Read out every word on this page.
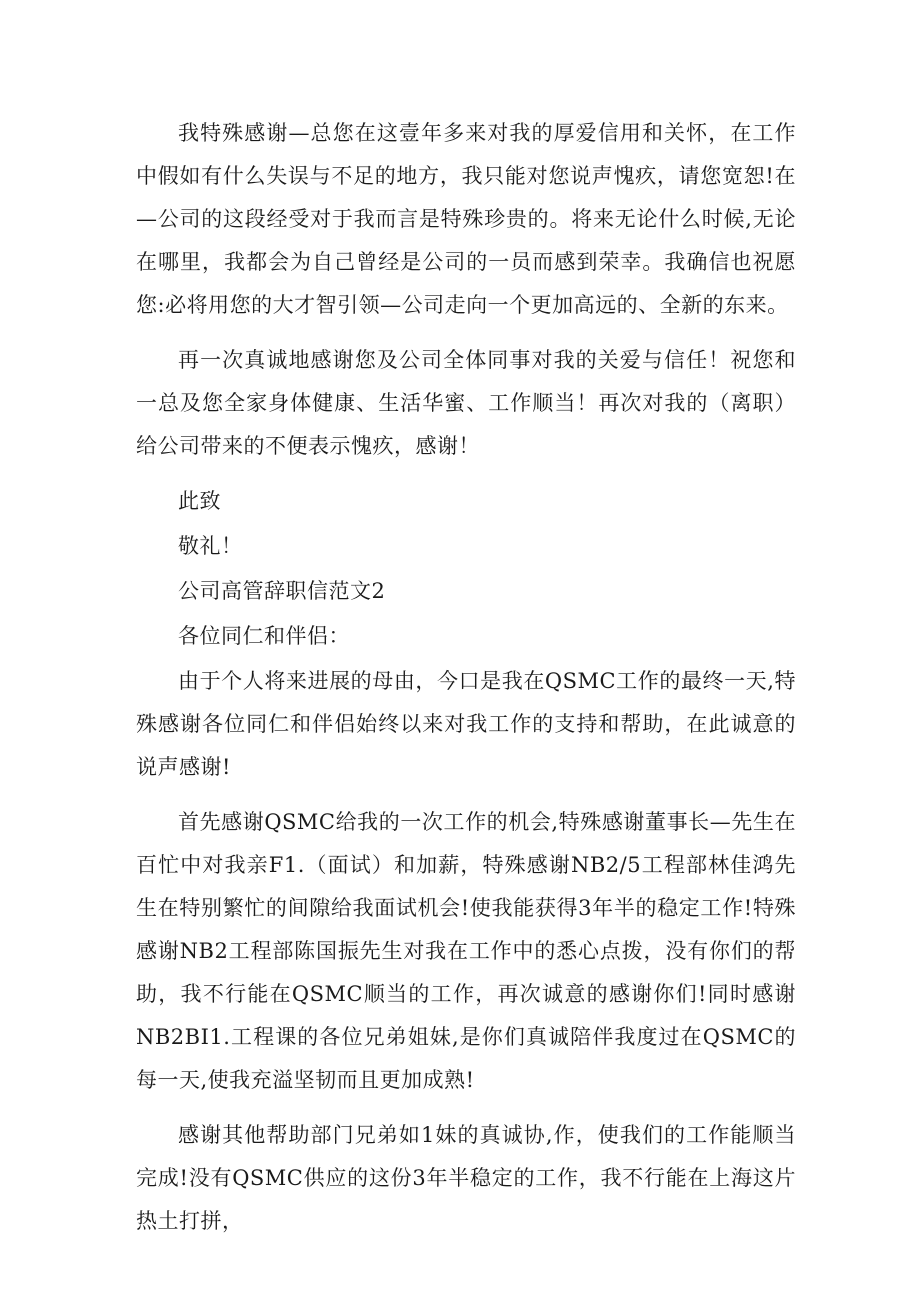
我特殊感谢—总您在这壹年多来对我的厚爱信用和关怀，在工作中假如有什么失误与不足的地方，我只能对您说声愧疚，请您宽恕!在—公司的这段经受对于我而言是特殊珍贵的。将来无论什么时候,无论在哪里，我都会为自己曾经是公司的一员而感到荣幸。我确信也祝愿您:必将用您的大才智引领—公司走向一个更加高远的、全新的东来。

再一次真诚地感谢您及公司全体同事对我的关爱与信任！祝您和一总及您全家身体健康、生活华蜜、工作顺当！再次对我的（离职）给公司带来的不便表示愧疚，感谢！

此致

敬礼！

公司高管辞职信范文2

各位同仁和伴侣：

由于个人将来进展的母由，今口是我在QSMC工作的最终一天,特殊感谢各位同仁和伴侣始终以来对我工作的支持和帮助，在此诚意的说声感谢!

首先感谢QSMC给我的一次工作的机会,特殊感谢董事长—先生在百忙中对我亲F1.（面试）和加薪，特殊感谢NB2/5工程部林佳鸿先生在特别繁忙的间隙给我面试机会!使我能获得3年半的稳定工作!特殊感谢NB2工程部陈国振先生对我在工作中的悉心点拨，没有你们的帮助，我不行能在QSMC顺当的工作，再次诚意的感谢你们!同时感谢NB2BI1.工程课的各位兄弟姐妹,是你们真诚陪伴我度过在QSMC的每一天,使我充溢坚韧而且更加成熟!

感谢其他帮助部门兄弟如1妹的真诚协,作，使我们的工作能顺当完成!没有QSMC供应的这份3年半稳定的工作，我不行能在上海这片热土打拼，
